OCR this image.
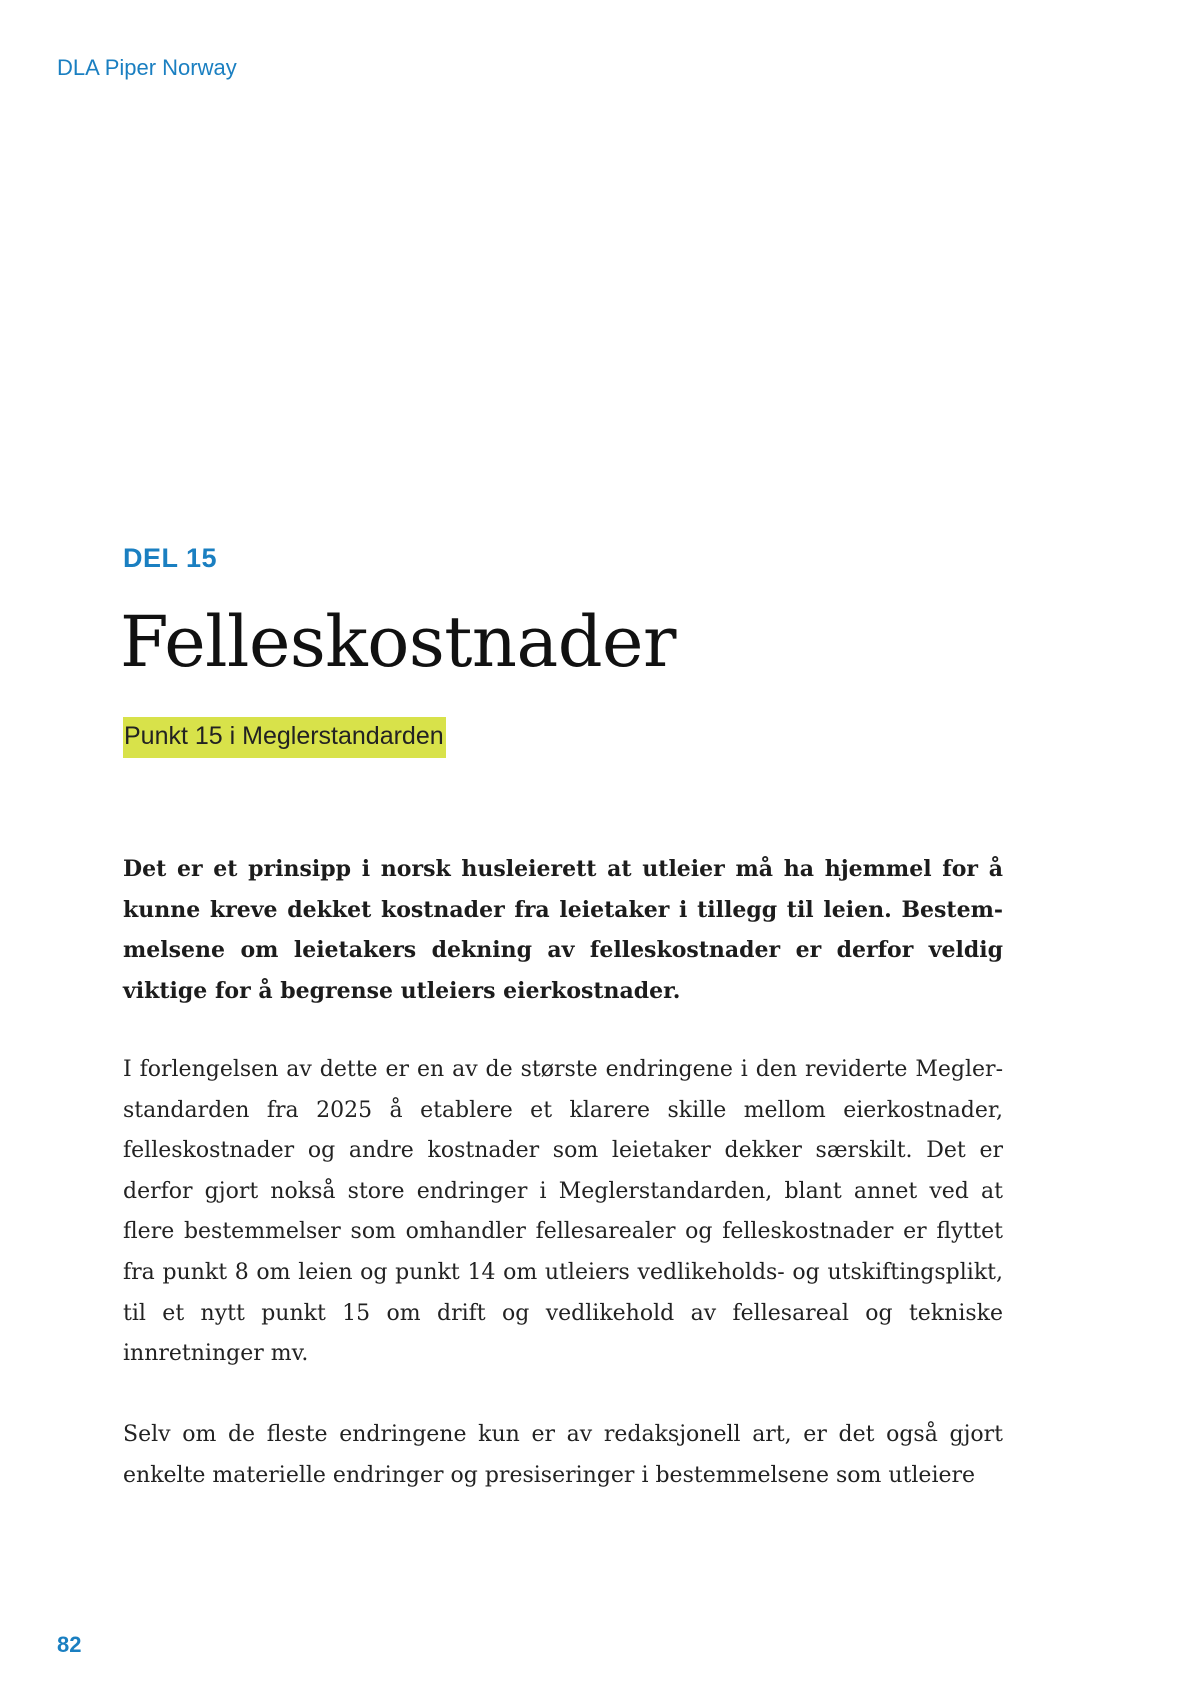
DLA Piper Norway
DEL 15
Felleskostnader
Punkt 15 i Meglerstandarden

Det er et prinsipp i norsk husleierett at utleier må ha hjemmel for å kunne kreve dekket kostnader fra leietaker i tillegg til leien. Bestemmelsene om leietakers dekning av felleskostnader er derfor veldig viktige for å begrense utleiers eierkostnader.

I forlengelsen av dette er en av de største endringene i den reviderte Meglerstandarden fra 2025 å etablere et klarere skille mellom eierkostnader, felleskostnader og andre kostnader som leietaker dekker særskilt. Det er derfor gjort nokså store endringer i Meglerstandarden, blant annet ved at flere bestemmelser som omhandler fellesarealer og felleskostnader er flyttet fra punkt 8 om leien og punkt 14 om utleiers vedlikeholds- og utskiftingsplikt, til et nytt punkt 15 om drift og vedlikehold av fellesareal og tekniske innretninger mv.

Selv om de fleste endringene kun er av redaksjonell art, er det også gjort enkelte materielle endringer og presiseringer i bestemmelsene som utleiere

82
